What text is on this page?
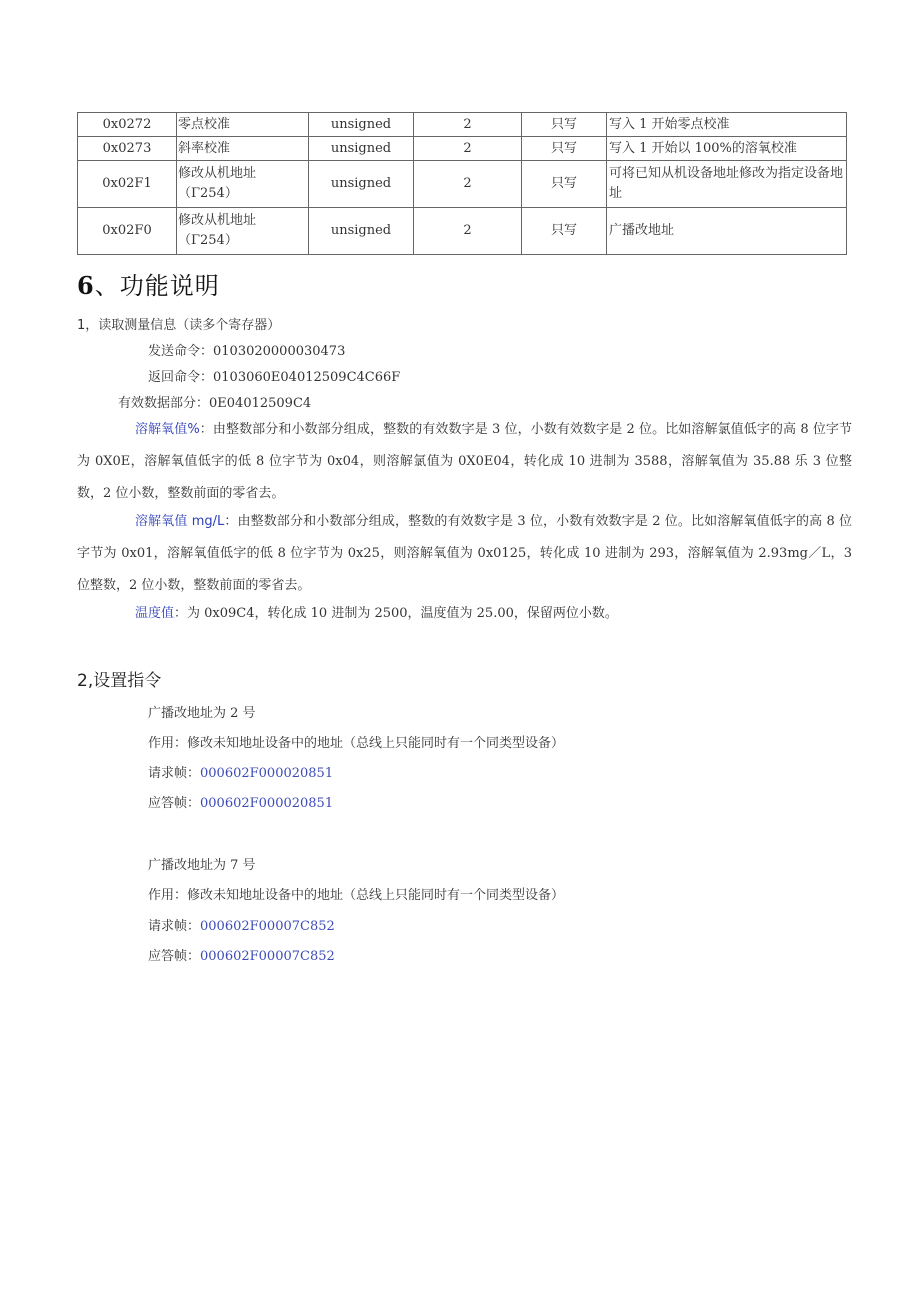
0x0272	零点校准	unsigned	2	只写	写入 1 开始零点校准
0x0273	斜率校准	unsigned	2	只写	写入 1 开始以 100%的溶氧校准
0x02F1	修改从机地址（Γ254）	unsigned	2	只写	可将已知从机设备地址修改为指定设备地址
0x02F0	修改从机地址（Γ254）	unsigned	2	只写	广播改地址
6、功能说明
1，读取测量信息（读多个寄存器）
发送命令：0103020000030473
返回命令：0103060E04012509C4C66F
有效数据部分：0E04012509C4

溶解氧值%：由整数部分和小数部分组成，整数的有效数字是 3 位，小数有效数字是 2 位。比如溶解氯值低字的高 8 位字节为 0X0E，溶解氧值低字的低 8 位字节为 0x04，则溶解氯值为 0X0E04，转化成 10 进制为 3588，溶解氧值为 35.88 乐 3 位整数，2 位小数，整数前面的零省去。

溶解氧值 mg/L：由整数部分和小数部分组成，整数的有效数字是 3 位，小数有效数字是 2 位。比如溶解氧值低字的高 8 位字节为 0x01，溶解氧值低字的低 8 位字节为 0x25，则溶解氧值为 0x0125，转化成 10 进制为 293，溶解氧值为 2.93mg／L，3 位整数，2 位小数，整数前面的零省去。

温度值：为 0x09C4，转化成 10 进制为 2500，温度值为 25.00，保留两位小数。

2,设置指令
广播改地址为 2 号
作用：修改未知地址设备中的地址（总线上只能同时有一个同类型设备）
请求帧：000602F000020851
应答帧：000602F000020851
广播改地址为 7 号
作用：修改未知地址设备中的地址（总线上只能同时有一个同类型设备）
请求帧：000602F00007C852
应答帧：000602F00007C852
